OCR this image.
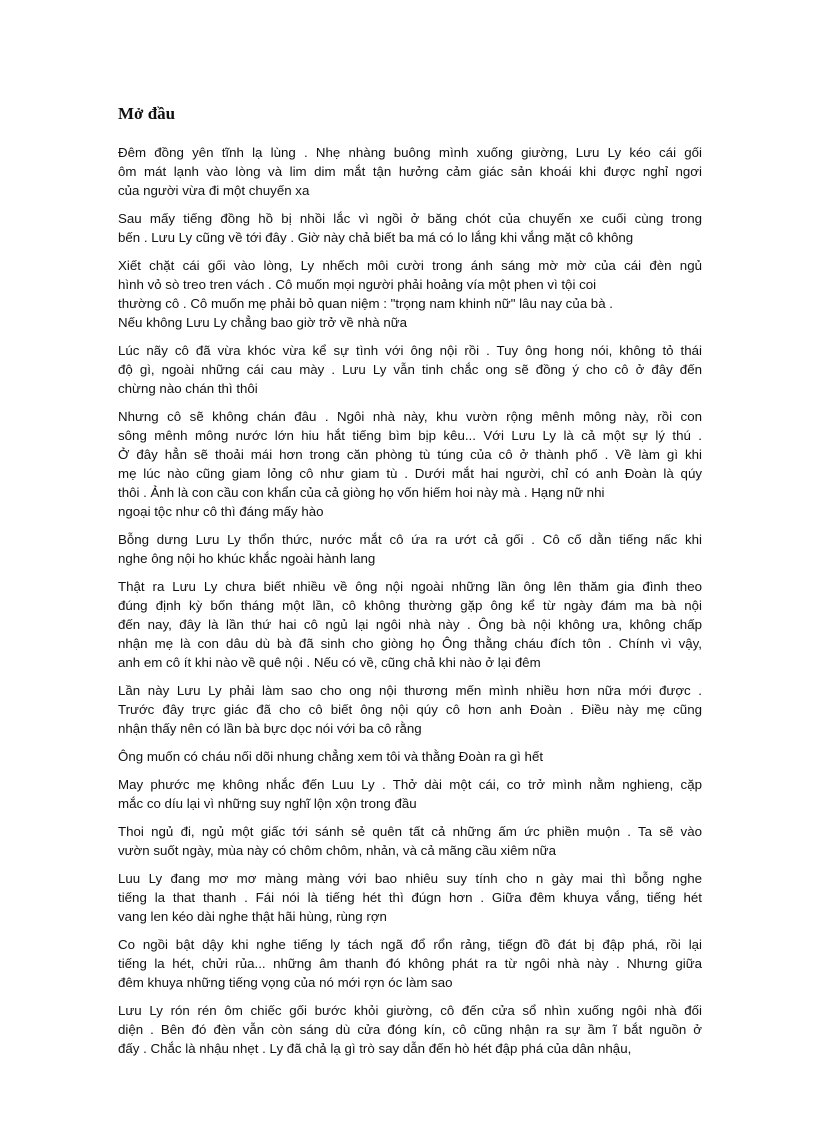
Mở đầu
Đêm đồng yên tĩnh lạ lùng . Nhẹ nhàng buông mình xuống giường, Lưu Ly kéo cái gối
ôm mát lạnh vào lòng và lim dim mắt tận hưởng cảm giác sản khoái khi được nghỉ ngơi
của người vừa đi một chuyến xa
Sau mấy tiếng đồng hồ bị nhồi lắc vì ngồi ở băng chót của chuyến xe cuối cùng trong
bến . Lưu Ly cũng về tới đây . Giờ này chả biết ba má có lo lắng khi vắng mặt cô không
Xiết chặt cái gối vào lòng, Ly nhếch môi cười trong ánh sáng mờ mờ của cái đèn ngủ
hình vỏ sò treo tren vách . Cô muốn mọi người phải hoảng vía một phen vì tội coi
thường cô . Cô muốn mẹ phải bỏ quan niệm : "trọng nam khinh nữ" lâu nay của bà .
Nếu không Lưu Ly chẳng bao giờ trở về nhà nữa
Lúc nãy cô đã vừa khóc vừa kể sự tình với ông nội rồi . Tuy ông hong nói, không tỏ thái
độ gì, ngoài những cái cau mày . Lưu Ly vẫn tinh chắc ong sẽ đồng ý cho cô ở đây đến
chừng nào chán thì thôi
Nhưng cô sẽ không chán đâu . Ngôi nhà này, khu vườn rộng mênh mông này, rồi con
sông mênh mông nước lớn hiu hắt tiếng bìm bịp kêu... Với Lưu Ly là cả một sự lý thú .
Ở đây hẳn sẽ thoải mái hơn trong căn phòng tù túng của cô ở thành phố . Về làm gì khi
mẹ lúc nào cũng giam lỏng cô như giam tù . Dưới mắt hai người, chỉ có anh Đoàn là qúy
thôi . Ảnh là con cầu con khẩn của cả giòng họ vốn hiếm hoi này mà . Hạng nữ nhi
ngoại tộc như cô thì đáng mấy hào
Bỗng dưng Lưu Ly thổn thức, nước mắt cô ứa ra ướt cả gối . Cô cố dằn tiếng nấc khi
nghe ông nội ho khúc khắc ngoài hành lang
Thật ra Lưu Ly chưa biết nhiều về ông nội ngoài những lần ông lên thăm gia đình theo
đúng định kỳ bốn tháng một lần, cô không thường gặp ông kể từ ngày đám ma bà nội
đến nay, đây là lần thứ hai cô ngủ lại ngôi nhà này . Ông bà nội không ưa, không chấp
nhận mẹ là con dâu dù bà đã sinh cho giòng họ Ông thằng cháu đích tôn . Chính vì vậy,
anh em cô ít khi nào về quê nội . Nếu có về, cũng chả khi nào ở lại đêm
Lần này Lưu Ly phải làm sao cho ong nội thương mến mình nhiều hơn nữa mới được .
Trước đây trực giác đã cho cô biết ông nội qúy cô hơn anh Đoàn . Điều này mẹ cũng
nhận thấy nên có lần bà bực dọc nói với ba cô rằng
Ông muốn có cháu nối dõi nhung chẳng xem tôi và thằng Đoàn ra gì hết
May phước mẹ không nhắc đến Luu Ly . Thở dài một cái, co trở mình nằm nghieng, cặp
mắc co díu lại vì những suy nghĩ lộn xộn trong đầu
Thoi ngủ đi, ngủ một giấc tới sánh sẻ quên tất cả những ấm ức phiền muộn . Ta sẽ vào
vườn suốt ngày, mùa này có chôm chôm, nhản, và cả mãng cầu xiêm nữa
Luu Ly đang mơ mơ màng màng với bao nhiêu suy tính cho n gày mai thì bỗng nghe
tiếng la that thanh . Fái nói là tiếng hét thì đúgn hơn . Giữa đêm khuya vắng, tiếng hét
vang len kéo dài nghe thật hãi hùng, rùng rợn
Co ngồi bật dậy khi nghe tiếng ly tách ngã đổ rổn rảng, tiếgn đồ đát bị đập phá, rồi lại
tiếng la hét, chửi rủa... những âm thanh đó không phát ra từ ngôi nhà này . Nhưng giữa
đêm khuya những tiếng vọng của nó mới rợn óc làm sao
Lưu Ly rón rén ôm chiếc gối bước khỏi giường, cô đến cửa sổ nhìn xuống ngôi nhà đối
diện . Bên đó đèn vẫn còn sáng dù cửa đóng kín, cô cũng nhận ra sự ầm ĩ bắt nguồn ở
đấy . Chắc là nhậu nhẹt . Ly đã chả lạ gì trò say dẫn đến hò hét đập phá của dân nhậu,
